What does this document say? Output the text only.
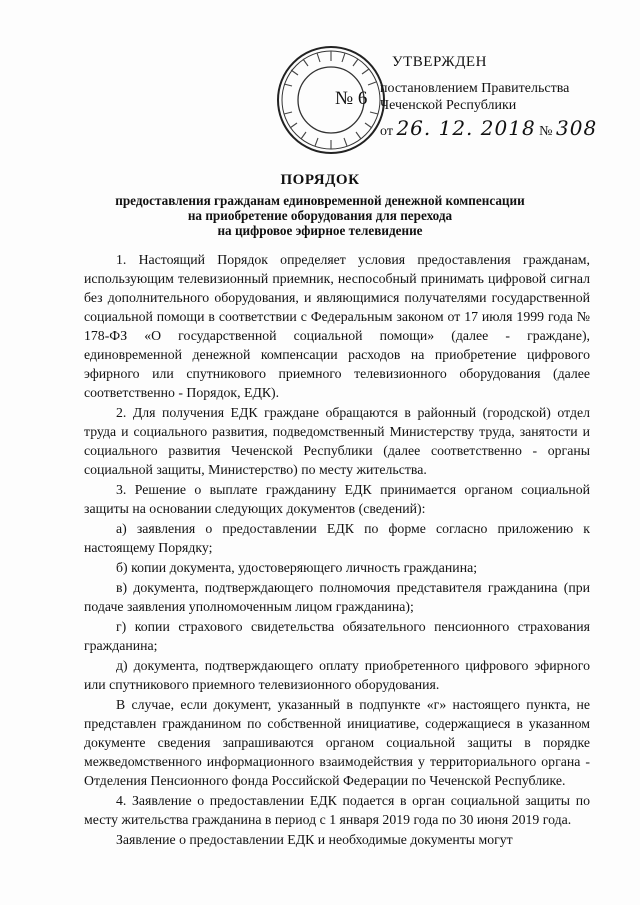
№ 6
УТВЕРЖДЕН
постановлением Правительства
Чеченской Республики
от 26. 12. 2018 № 308
ПОРЯДОК
предоставления гражданам единовременной денежной компенсации
на приобретение оборудования для перехода
на цифровое эфирное телевидение

1. Настоящий Порядок определяет условия предоставления гражданам, использующим телевизионный приемник, неспособный принимать цифровой сигнал без дополнительного оборудования, и являющимися получателями государственной социальной помощи в соответствии с Федеральным законом от 17 июля 1999 года № 178-ФЗ «О государственной социальной помощи» (далее - граждане), единовременной денежной компенсации расходов на приобретение цифрового эфирного или спутникового приемного телевизионного оборудования (далее соответственно - Порядок, ЕДК).

2. Для получения ЕДК граждане обращаются в районный (городской) отдел труда и социального развития, подведомственный Министерству труда, занятости и социального развития Чеченской Республики (далее соответственно - органы социальной защиты, Министерство) по месту жительства.

3. Решение о выплате гражданину ЕДК принимается органом социальной защиты на основании следующих документов (сведений):

а) заявления о предоставлении ЕДК по форме согласно приложению к настоящему Порядку;

б) копии документа, удостоверяющего личность гражданина;

в) документа, подтверждающего полномочия представителя гражданина (при подаче заявления уполномоченным лицом гражданина);

г) копии страхового свидетельства обязательного пенсионного страхования гражданина;

д) документа, подтверждающего оплату приобретенного цифрового эфирного или спутникового приемного телевизионного оборудования.

В случае, если документ, указанный в подпункте «г» настоящего пункта, не представлен гражданином по собственной инициативе, содержащиеся в указанном документе сведения запрашиваются органом социальной защиты в порядке межведомственного информационного взаимодействия у территориального органа - Отделения Пенсионного фонда Российской Федерации по Чеченской Республике.

4. Заявление о предоставлении ЕДК подается в орган социальной защиты по месту жительства гражданина в период с 1 января 2019 года по 30 июня 2019 года.

Заявление о предоставлении ЕДК и необходимые документы могут
